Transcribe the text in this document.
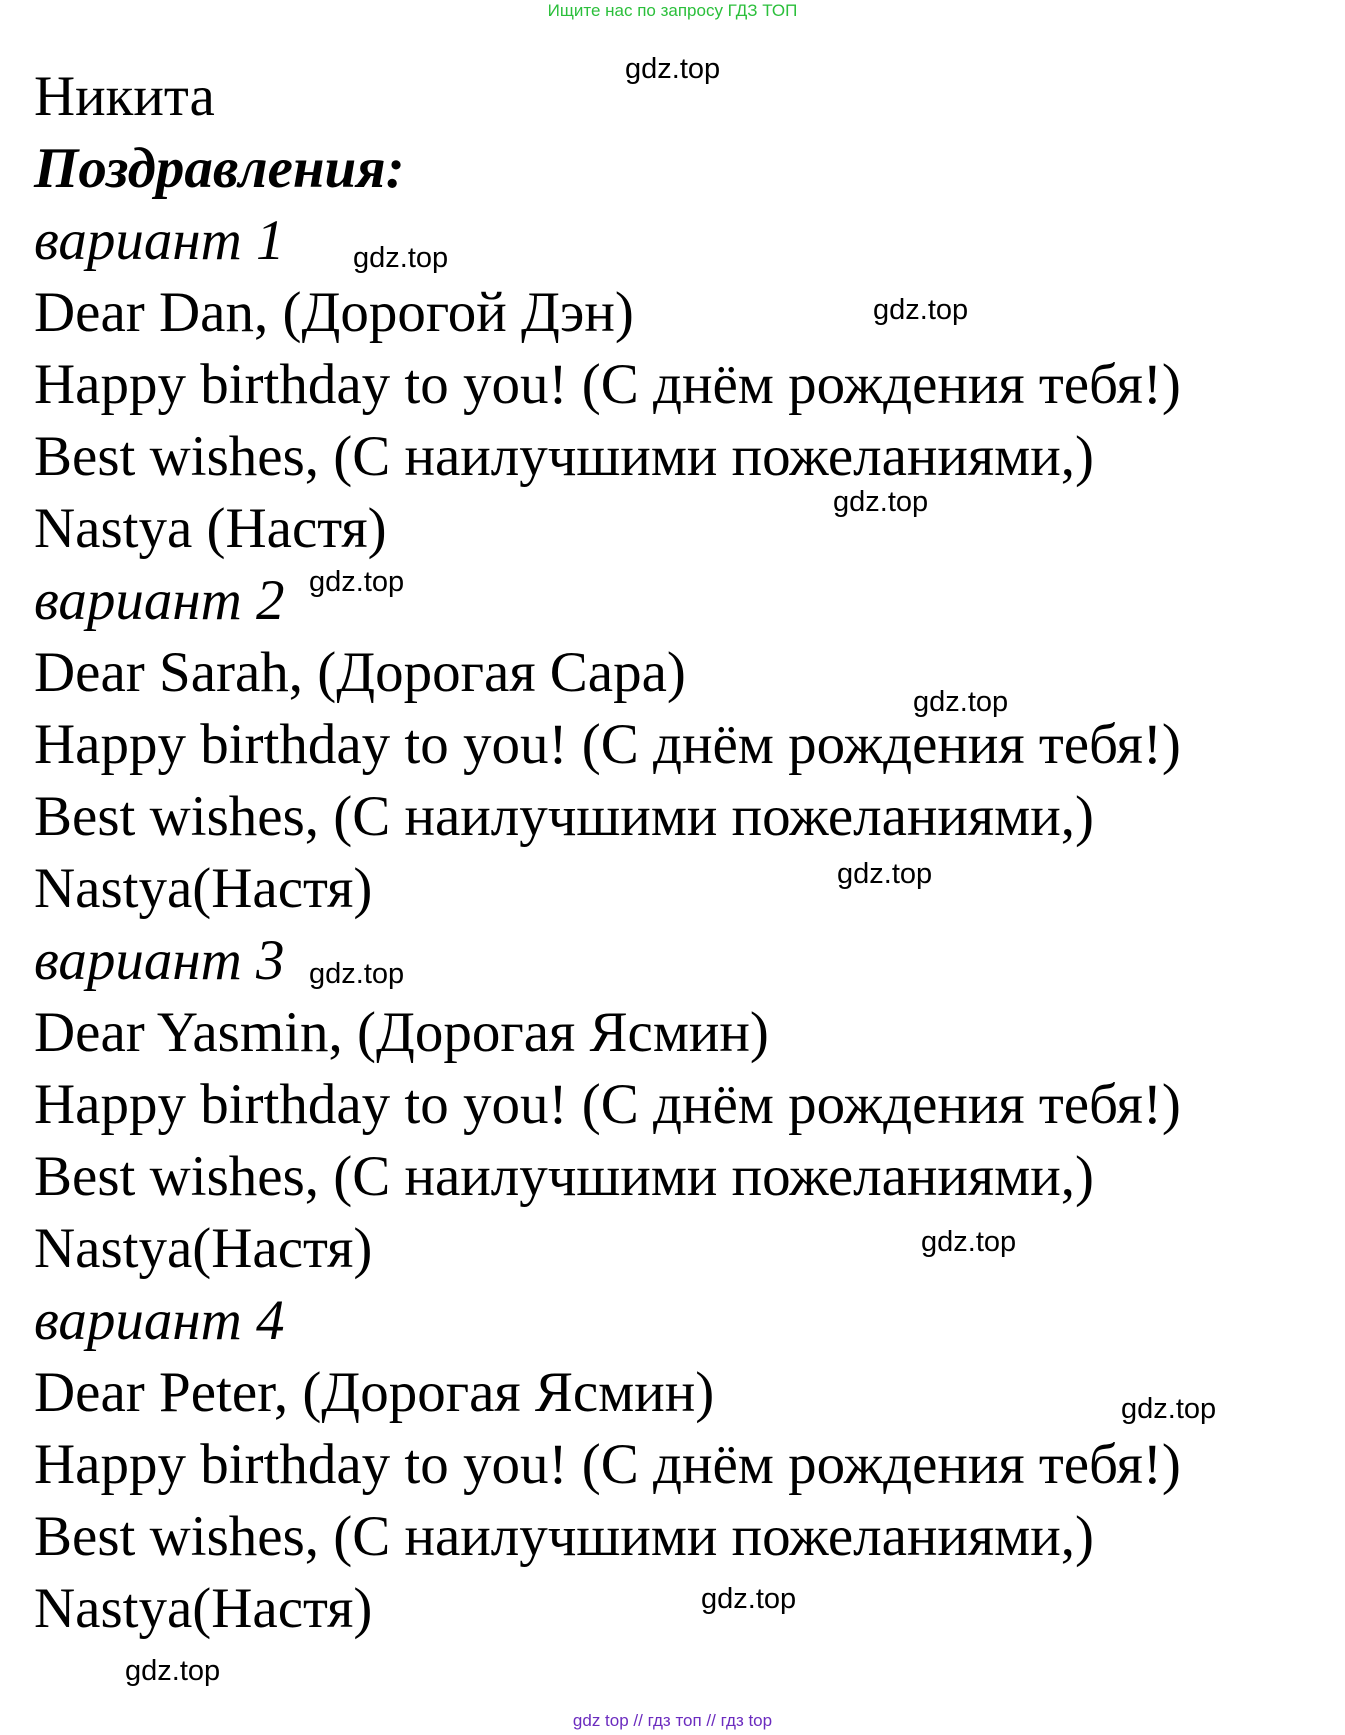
Ищите нас по запросу ГДЗ ТОП
Никита
Поздравления:
вариант 1
Dear Dan, (Дорогой Дэн)
Happy birthday to you! (С днём рождения тебя!)
Best wishes, (С наилучшими пожеланиями,)
Nastya (Настя)
вариант 2
Dear Sarah, (Дорогая Сара)
Happy birthday to you! (С днём рождения тебя!)
Best wishes, (С наилучшими пожеланиями,)
Nastya(Настя)
вариант 3
Dear Yasmin, (Дорогая Ясмин)
Happy birthday to you! (С днём рождения тебя!)
Best wishes, (С наилучшими пожеланиями,)
Nastya(Настя)
вариант 4
Dear Peter, (Дорогая Ясмин)
Happy birthday to you! (С днём рождения тебя!)
Best wishes, (С наилучшими пожеланиями,)
Nastya(Настя)
gdz.top
gdz.top
gdz.top
gdz.top
gdz.top
gdz.top
gdz.top
gdz.top
gdz.top
gdz.top
gdz.top
gdz.top
gdz top // гдз топ // гдз top
